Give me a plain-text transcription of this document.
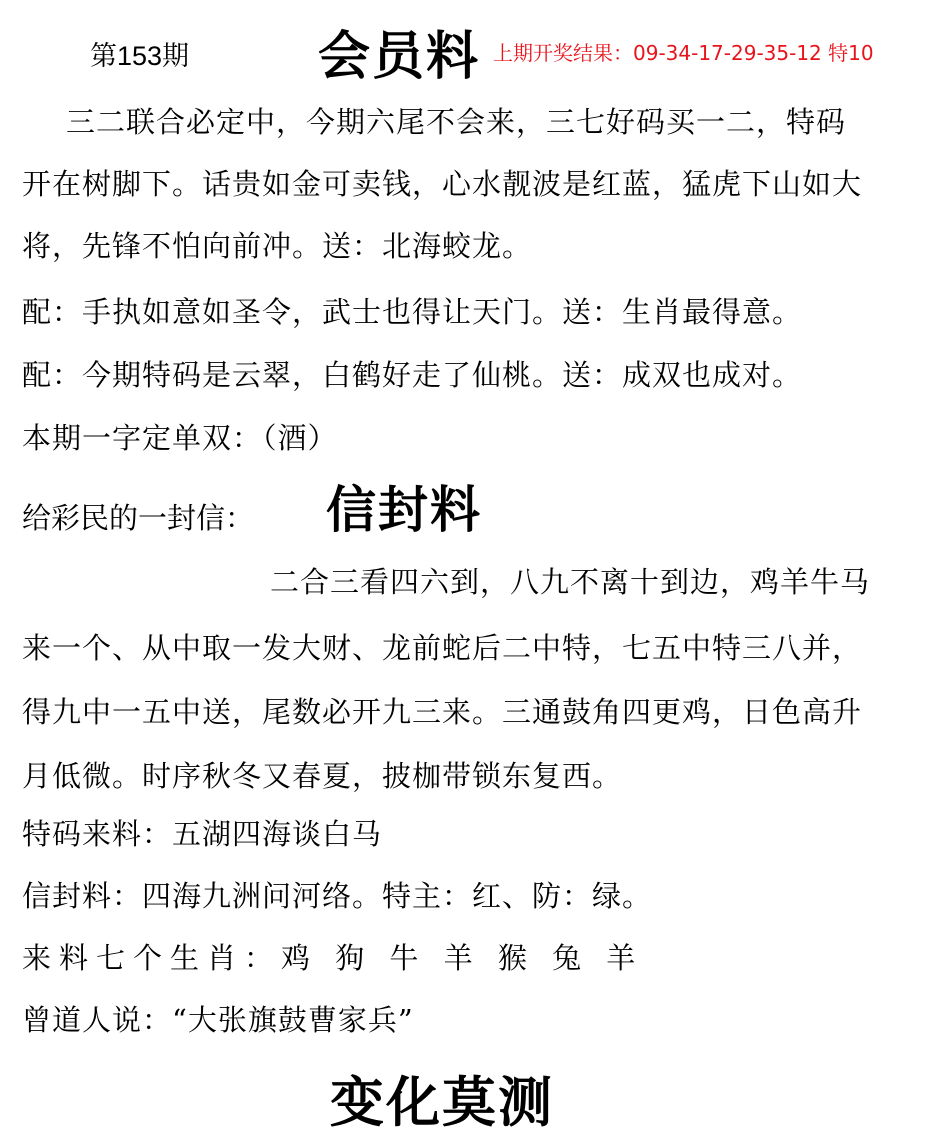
第153期 会员料 上期开奖结果：09-34-17-29-35-12 特10
三二联合必定中，今期六尾不会来，三七好码买一二，特码
开在树脚下。话贵如金可卖钱，心水靓波是红蓝，猛虎下山如大
将，先锋不怕向前冲。送：北海蛟龙。
配：手执如意如圣令，武士也得让天门。送：生肖最得意。
配：今期特码是云翠，白鹤好走了仙桃。送：成双也成对。
本期一字定单双：（酒）
给彩民的一封信： 信封料
二合三看四六到，八九不离十到边，鸡羊牛马
来一个、从中取一发大财、龙前蛇后二中特，七五中特三八并，
得九中一五中送，尾数必开九三来。三通鼓角四更鸡，日色高升
月低微。时序秋冬又春夏，披枷带锁东复西。
特码来料：五湖四海谈白马
信封料：四海九洲问河络。特主：红、防：绿。
来料七个生肖：鸡 狗 牛 羊 猴 兔 羊
曾道人说：“大张旗鼓曹家兵”
变化莫测
